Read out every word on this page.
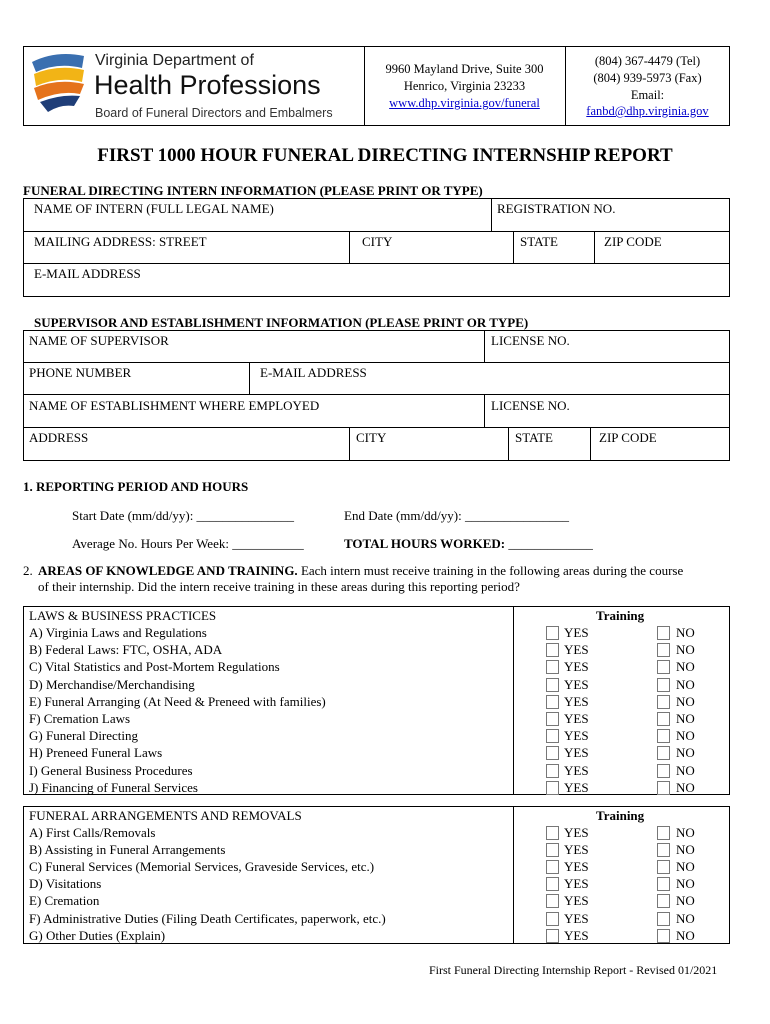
Virginia Department of
Health Professions
Board of Funeral Directors and Embalmers
9960 Mayland Drive, Suite 300
Henrico, Virginia 23233
www.dhp.virginia.gov/funeral
(804) 367-4479 (Tel)
(804) 939-5973 (Fax)
Email:
fanbd@dhp.virginia.gov
FIRST 1000 HOUR FUNERAL DIRECTING INTERNSHIP REPORT
FUNERAL DIRECTING INTERN INFORMATION (PLEASE PRINT OR TYPE)
NAME OF INTERN (FULL LEGAL NAME)	REGISTRATION NO.
MAILING ADDRESS: STREET	CITY	STATE	ZIP CODE
E-MAIL ADDRESS
SUPERVISOR AND ESTABLISHMENT INFORMATION (PLEASE PRINT OR TYPE)
NAME OF SUPERVISOR	LICENSE NO.
PHONE NUMBER	E-MAIL ADDRESS
NAME OF ESTABLISHMENT WHERE EMPLOYED	LICENSE NO.
ADDRESS	CITY	STATE	ZIP CODE
1. REPORTING PERIOD AND HOURS
Start Date (mm/dd/yy): _______________	End Date (mm/dd/yy): ________________
Average No. Hours Per Week: ___________	TOTAL HOURS WORKED: _____________
2. AREAS OF KNOWLEDGE AND TRAINING. Each intern must receive training in the following areas during the course
of their internship. Did the intern receive training in these areas during this reporting period?
LAWS & BUSINESS PRACTICES	Training
A) Virginia Laws and Regulations	YES	NO
B) Federal Laws: FTC, OSHA, ADA	YES	NO
C) Vital Statistics and Post-Mortem Regulations	YES	NO
D) Merchandise/Merchandising	YES	NO
E) Funeral Arranging (At Need & Preneed with families)	YES	NO
F) Cremation Laws	YES	NO
G) Funeral Directing	YES	NO
H) Preneed Funeral Laws	YES	NO
I) General Business Procedures	YES	NO
J) Financing of Funeral Services	YES	NO
FUNERAL ARRANGEMENTS AND REMOVALS	Training
A) First Calls/Removals	YES	NO
B) Assisting in Funeral Arrangements	YES	NO
C) Funeral Services (Memorial Services, Graveside Services, etc.)	YES	NO
D) Visitations	YES	NO
E) Cremation	YES	NO
F) Administrative Duties (Filing Death Certificates, paperwork, etc.)	YES	NO
G) Other Duties (Explain)	YES	NO
First Funeral Directing Internship Report - Revised 01/2021
